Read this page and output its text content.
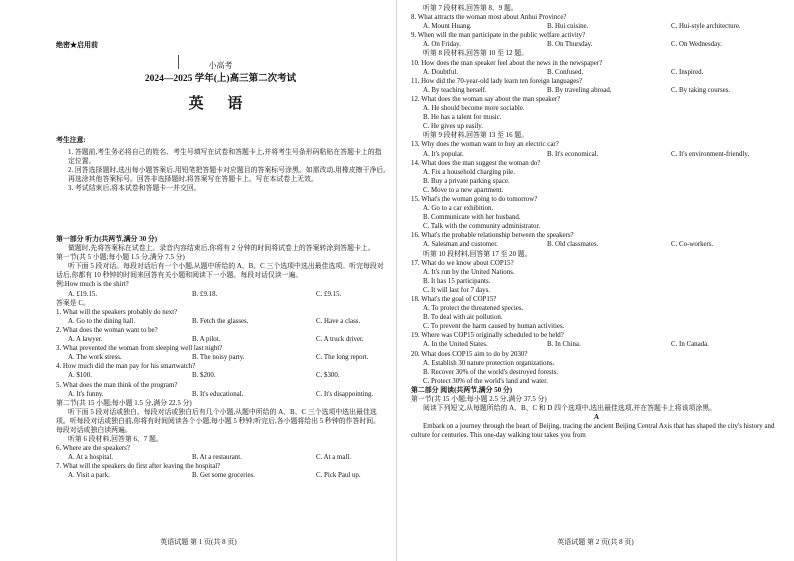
绝密★启用前
小高考
2024—2025 学年(上)高三第二次考试
英 语
考生注意:
1. 答题前,考生务必将自己的姓名、考生号填写在试卷和答题卡上,并将考生号条形码粘贴在答题卡上的指定位置。
2. 回答选择题时,选出每小题答案后,用铅笔把答题卡对应题目的答案标号涂黑。如需改动,用橡皮擦干净后,再选涂其他答案标号。回答非选择题时,将答案写在答题卡上。写在本试卷上无效。
3. 考试结束后,将本试卷和答题卡一并交回。
第一部分 听力(共两节,满分 30 分)
做题时,先将答案标在试卷上。录音内容结束后,你将有 2 分钟的时间将试卷上的答案转涂到答题卡上。
第一节(共 5 小题;每小题 1.5 分,满分 7.5 分)
听下面 5 段对话。每段对话后有一个小题,从题中所给的 A、B、C 三个选项中选出最佳选项。听完每段对话后,你都有 10 秒钟的时间来回答有关小题和阅读下一小题。每段对话仅读一遍。
例:How much is the shirt?
A. £19.15.	B. £9.18.	C. £9.15.
答案是 C。
1. What will the speakers probably do next?
A. Go to the dining hall.	B. Fetch the glasses.	C. Have a class.
2. What does the woman want to be?
A. A lawyer.	B. A pilot.	C. A truck driver.
3. What prevented the woman from sleeping well last night?
A. The work stress.	B. The noisy party.	C. The long report.
4. How much did the man pay for his smartwatch?
A. $100.	B. $200.	C. $300.
5. What does the man think of the program?
A. It's funny.	B. It's educational.	C. It's disappointing.
第二节(共 15 小题;每小题 1.5 分,满分 22.5 分)
听下面 5 段对话或独白。每段对话或独白后有几个小题,从题中所给的 A、B、C 三个选项中选出最佳选项。听每段对话或独白前,你将有时间阅读各个小题,每小题 5 秒钟;听完后,各小题将给出 5 秒钟的作答时间。每段对话或独白读两遍。
听第 6 段材料,回答第 6、7 题。
6. Where are the speakers?
A. At a hospital.	B. At a restaurant.	C. At a mall.
7. What will the speakers do first after leaving the hospital?
A. Visit a park.	B. Get some groceries.	C. Pick Paul up.
英语试题 第 1 页(共 8 页)
听第 7 段材料,回答第 8、9 题。
8. What attracts the woman most about Anhui Province?
A. Mount Huang.	B. Hui cuisine.	C. Hui-style architecture.
9. When will the man participate in the public welfare activity?
A. On Friday.	B. On Thursday.	C. On Wednesday.
听第 8 段材料,回答第 10 至 12 题。
10. How does the man speaker feel about the news in the newspaper?
A. Doubtful.	B. Confused.	C. Inspired.
11. How did the 70-year-old lady learn ten foreign languages?
A. By teaching herself.	B. By traveling abroad.	C. By taking courses.
12. What does the woman say about the man speaker?
A. He should become more sociable.
B. He has a talent for music.
C. He gives up easily.
听第 9 段材料,回答第 13 至 16 题。
13. Why does the woman want to buy an electric car?
A. It's popular.	B. It's economical.	C. It's environment-friendly.
14. What does the man suggest the woman do?
A. Fix a household charging pile.
B. Buy a private parking space.
C. Move to a new apartment.
15. What's the woman going to do tomorrow?
A. Go to a car exhibition.
B. Communicate with her husband.
C. Talk with the community administrator.
16. What's the probable relationship between the speakers?
A. Salesman and customer.	B. Old classmates.	C. Co-workers.
听第 10 段材料,回答第 17 至 20 题。
17. What do we know about COP15?
A. It's run by the United Nations.
B. It has 15 participants.
C. It will last for 7 days.
18. What's the goal of COP15?
A. To protect the threatened species.
B. To deal with air pollution.
C. To prevent the harm caused by human activities.
19. Where was COP15 originally scheduled to be held?
A. In the United States.	B. In China.	C. In Canada.
20. What does COP15 aim to do by 2030?
A. Establish 30 nature protection organizations.
B. Recover 30% of the world's destroyed forests.
C. Protect 30% of the world's land and water.
第二部分 阅读(共两节,满分 50 分)
第一节(共 15 小题;每小题 2.5 分,满分 37.5 分)
阅读下列短文,从每题所给的 A、B、C 和 D 四个选项中,选出最佳选项,并在答题卡上将该项涂黑。
A
Embark on a journey through the heart of Beijing, tracing the ancient Beijing Central Axis that has shaped the city's history and culture for centuries. This one-day walking tour takes you from
英语试题 第 2 页(共 8 页)
